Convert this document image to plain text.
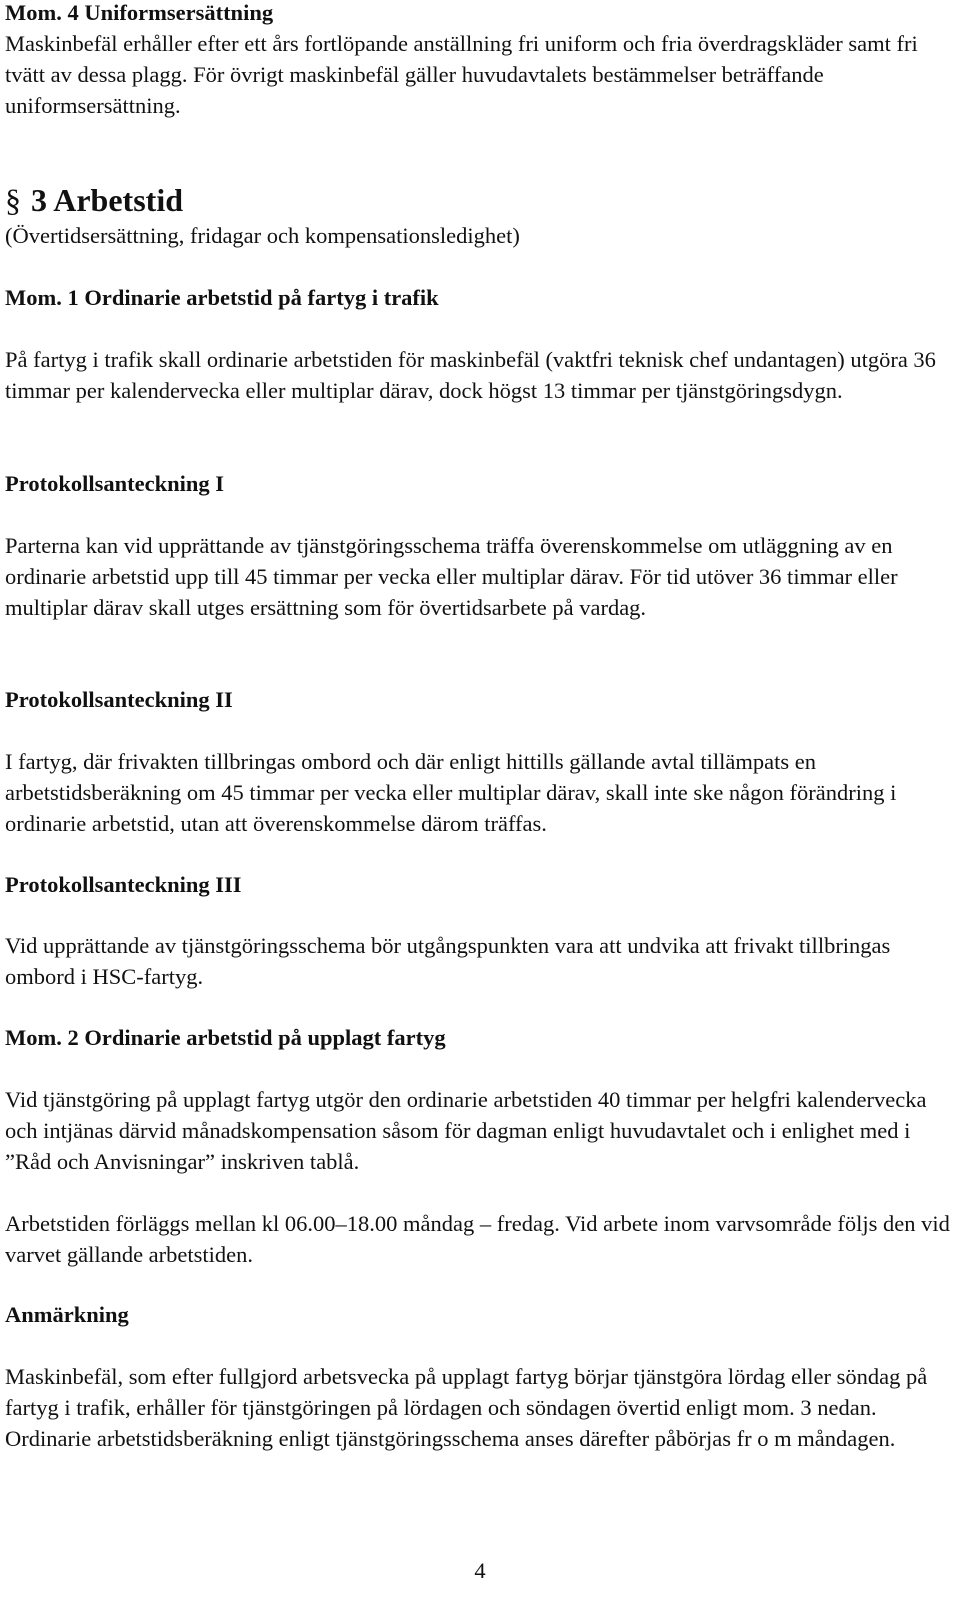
Mom. 4 Uniformsersättning

Maskinbefäl erhåller efter ett års fortlöpande anställning fri uniform och fria överdragskläder samt fri tvätt av dessa plagg. För övrigt maskinbefäl gäller huvudavtalets bestämmelser beträffande uniformsersättning.

§ 3 Arbetstid

(Övertidsersättning, fridagar och kompensationsledighet)

Mom. 1 Ordinarie arbetstid på fartyg i trafik

På fartyg i trafik skall ordinarie arbetstiden för maskinbefäl (vaktfri teknisk chef undantagen) utgöra 36 timmar per kalendervecka eller multiplar därav, dock högst 13 timmar per tjänstgöringsdygn.

Protokollsanteckning I

Parterna kan vid upprättande av tjänstgöringsschema träffa överenskommelse om utläggning av en ordinarie arbetstid upp till 45 timmar per vecka eller multiplar därav. För tid utöver 36 timmar eller multiplar därav skall utges ersättning som för övertidsarbete på vardag.

Protokollsanteckning II

I fartyg, där frivakten tillbringas ombord och där enligt hittills gällande avtal tillämpats en arbetstidsberäkning om 45 timmar per vecka eller multiplar därav, skall inte ske någon förändring i ordinarie arbetstid, utan att överenskommelse därom träffas.

Protokollsanteckning III

Vid upprättande av tjänstgöringsschema bör utgångspunkten vara att undvika att frivakt tillbringas ombord i HSC-fartyg.

Mom. 2 Ordinarie arbetstid på upplagt fartyg

Vid tjänstgöring på upplagt fartyg utgör den ordinarie arbetstiden 40 timmar per helgfri kalendervecka och intjänas därvid månadskompensation såsom för dagman enligt huvudavtalet och i enlighet med i ”Råd och Anvisningar” inskriven tablå.

Arbetstiden förläggs mellan kl 06.00–18.00 måndag – fredag. Vid arbete inom varvsområde följs den vid varvet gällande arbetstiden.

Anmärkning

Maskinbefäl, som efter fullgjord arbetsvecka på upplagt fartyg börjar tjänstgöra lördag eller söndag på fartyg i trafik, erhåller för tjänstgöringen på lördagen och söndagen övertid enligt mom. 3 nedan. Ordinarie arbetstidsberäkning enligt tjänstgöringsschema anses därefter påbörjas fr o m måndagen.

4
